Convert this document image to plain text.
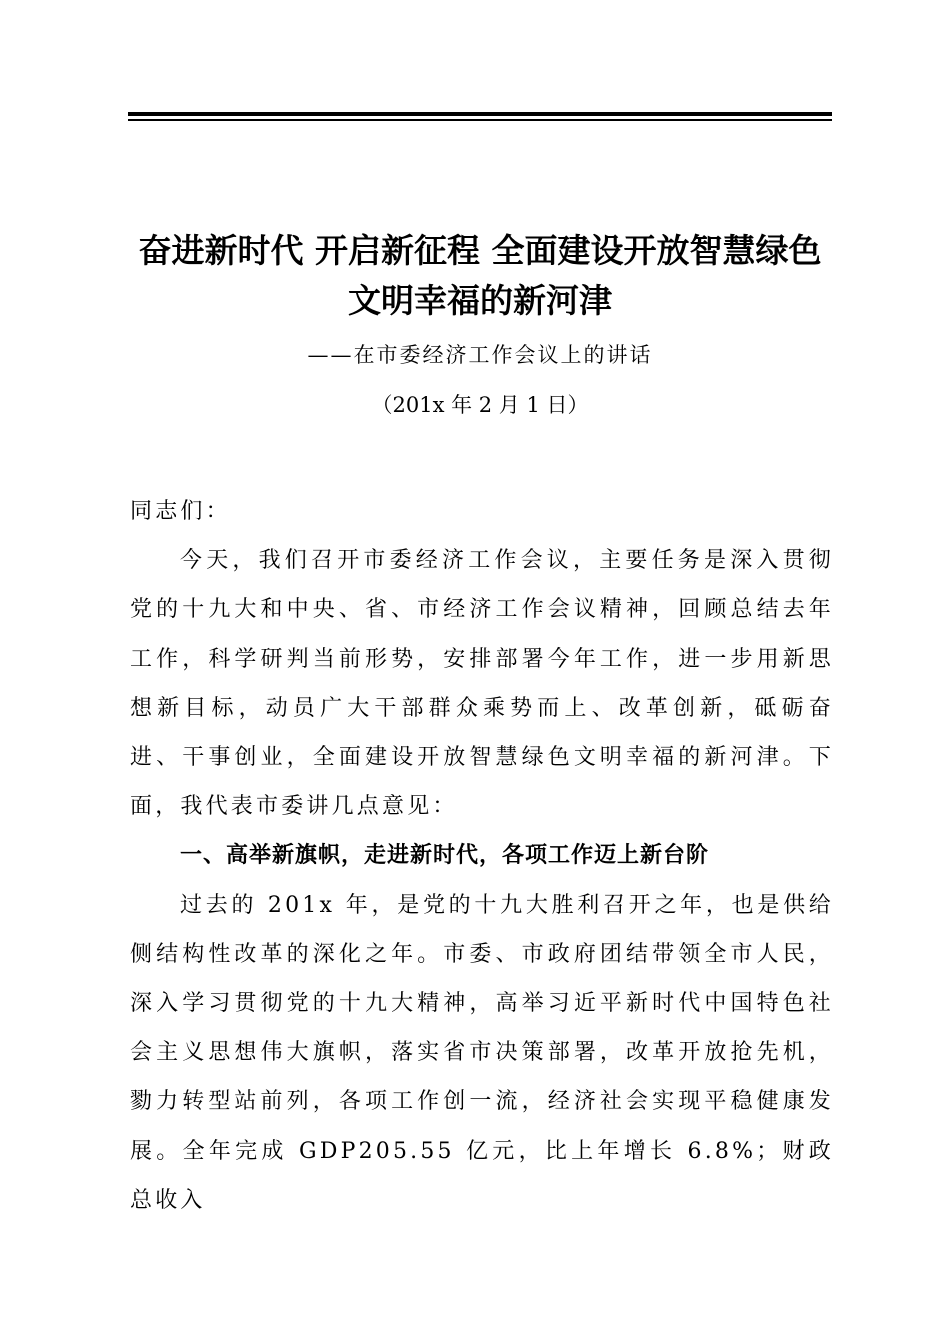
奋进新时代 开启新征程 全面建设开放智慧绿色文明幸福的新河津
——在市委经济工作会议上的讲话
（201x 年 2 月 1 日）

同志们：

今天，我们召开市委经济工作会议，主要任务是深入贯彻党的十九大和中央、省、市经济工作会议精神，回顾总结去年工作，科学研判当前形势，安排部署今年工作，进一步用新思想新目标，动员广大干部群众乘势而上、改革创新，砥砺奋进、干事创业，全面建设开放智慧绿色文明幸福的新河津。下面，我代表市委讲几点意见：

一、高举新旗帜，走进新时代，各项工作迈上新台阶

过去的 201x 年，是党的十九大胜利召开之年，也是供给侧结构性改革的深化之年。市委、市政府团结带领全市人民，深入学习贯彻党的十九大精神，高举习近平新时代中国特色社会主义思想伟大旗帜，落实省市决策部署，改革开放抢先机，勠力转型站前列，各项工作创一流，经济社会实现平稳健康发展。全年完成 GDP205.55 亿元，比上年增长 6.8%；财政总收入
